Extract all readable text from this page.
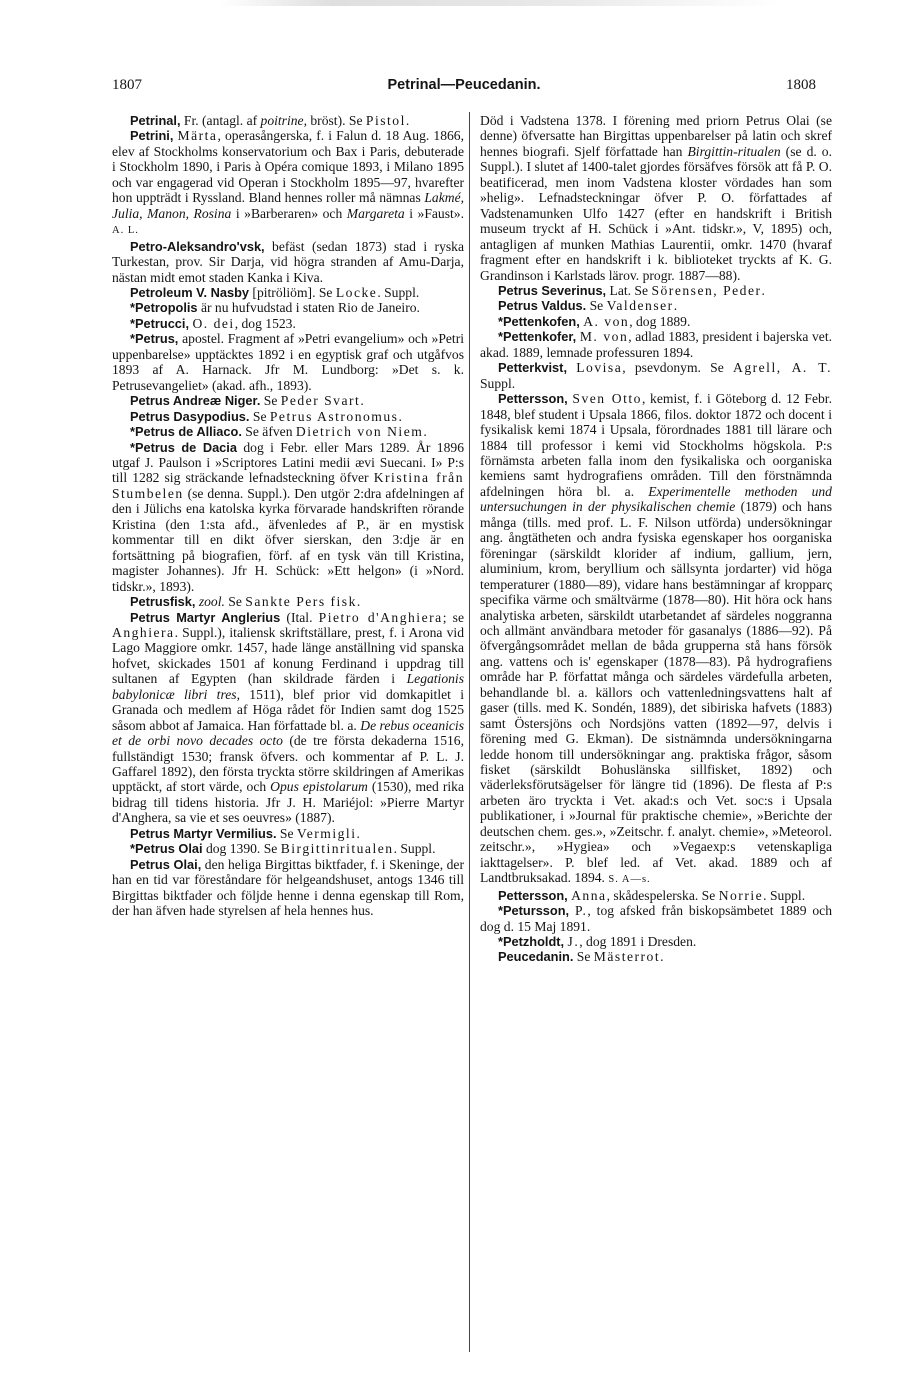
1807	Petrinal—Peucedanin.	1808

Petrinal, Fr. (antagl. af poitrine, bröst). Se Pistol.

Petrini, Märta, operasångerska, f. i Falun d. 18 Aug. 1866, elev af Stockholms konservatorium och Bax i Paris, debuterade i Stockholm 1890, i Paris à Opéra comique 1893, i Milano 1895 och var engagerad vid Operan i Stockholm 1895—97, hvarefter hon uppträdt i Ryssland. Bland hennes roller må nämnas Lakmé, Julia, Manon, Rosina i »Barberaren» och Margareta i »Faust». A. L.

Petro-Aleksandro'vsk, befäst (sedan 1873) stad i ryska Turkestan, prov. Sir Darja, vid högra stranden af Amu-Darja, nästan midt emot staden Kanka i Kiva.

Petroleum V. Nasby [pitröliöm]. Se Locke. Suppl.

*Petropolis är nu hufvudstad i staten Rio de Janeiro.

*Petrucci, O. dei, dog 1523.

*Petrus, apostel. Fragment af »Petri evangelium» och »Petri uppenbarelse» upptäcktes 1892 i en egyptisk graf och utgåfvos 1893 af A. Harnack. Jfr M. Lundborg: »Det s. k. Petrusevangeliet» (akad. afh., 1893).

Petrus Andreæ Niger. Se Peder Svart.

Petrus Dasypodius. Se Petrus Astronomus.

*Petrus de Alliaco. Se äfven Dietrich von Niem.

*Petrus de Dacia dog i Febr. eller Mars 1289. År 1896 utgaf J. Paulson i »Scriptores Latini medii ævi Suecani. I» P:s till 1282 sig sträckande lefnadsteckning öfver Kristina från Stumbelen (se denna. Suppl.). Den utgör 2:dra afdelningen af den i Jülichs ena katolska kyrka förvarade handskriften rörande Kristina (den 1:sta afd., äfvenledes af P., är en mystisk kommentar till en dikt öfver sierskan, den 3:dje är en fortsättning på biografien, förf. af en tysk vän till Kristina, magister Johannes). Jfr H. Schück: »Ett helgon» (i »Nord. tidskr.», 1893).

Petrusfisk, zool. Se Sankte Pers fisk.

Petrus Martyr Anglerius (Ital. Pietro d'Anghiera; se Anghiera. Suppl.), italiensk skriftställare, prest, f. i Arona vid Lago Maggiore omkr. 1457, hade länge anställning vid spanska hofvet, skickades 1501 af konung Ferdinand i uppdrag till sultanen af Egypten (han skildrade färden i Legationis babylonicæ libri tres, 1511), blef prior vid domkapitlet i Granada och medlem af Höga rådet för Indien samt dog 1525 såsom abbot af Jamaica. Han författade bl. a. De rebus oceanicis et de orbi novo decades octo (de tre första dekaderna 1516, fullständigt 1530; fransk öfvers. och kommentar af P. L. J. Gaffarel 1892), den första tryckta större skildringen af Amerikas upptäckt, af stort värde, och Opus epistolarum (1530), med rika bidrag till tidens historia. Jfr J. H. Mariéjol: »Pierre Martyr d'Anghera, sa vie et ses oeuvres» (1887).

Petrus Martyr Vermilius. Se Vermigli.

*Petrus Olai dog 1390. Se Birgittinritualen. Suppl.

Petrus Olai, den heliga Birgittas biktfader, f. i Skeninge, der han en tid var föreståndare för helgeandshuset, antogs 1346 till Birgittas biktfader och följde henne i denna egenskap till Rom, der han äfven hade styrelsen af hela hennes hus.

Död i Vadstena 1378. I förening med priorn Petrus Olai (se denne) öfversatte han Birgittas uppenbarelser på latin och skref hennes biografi. Sjelf författade han Birgittin-ritualen (se d. o. Suppl.). I slutet af 1400-talet gjordes försäfves försök att få P. O. beatificerad, men inom Vadstena kloster vördades han som »helig». Lefnadsteckningar öfver P. O. författades af Vadstenamunken Ulfo 1427 (efter en handskrift i British museum tryckt af H. Schück i »Ant. tidskr.», V, 1895) och, antagligen af munken Mathias Laurentii, omkr. 1470 (hvaraf fragment efter en handskrift i k. biblioteket tryckts af K. G. Grandinson i Karlstads lärov. progr. 1887—88).

Petrus Severinus, Lat. Se Sörensen, Peder.

Petrus Valdus. Se Valdenser.

*Pettenkofen, A. von, dog 1889.

*Pettenkofer, M. von, adlad 1883, president i bajerska vet. akad. 1889, lemnade professuren 1894.

Petterkvist, Lovisa, psevdonym. Se Agrell, A. T. Suppl.

Pettersson, Sven Otto, kemist, f. i Göteborg d. 12 Febr. 1848, blef student i Upsala 1866, filos. doktor 1872 och docent i fysikalisk kemi 1874 i Upsala, förordnades 1881 till lärare och 1884 till professor i kemi vid Stockholms högskola. P:s förnämsta arbeten falla inom den fysikaliska och oorganiska kemiens samt hydrografiens områden. Till den förstnämnda afdelningen höra bl. a. Experimentelle methoden und untersuchungen in der physikalischen chemie (1879) och hans många (tills. med prof. L. F. Nilson utförda) undersökningar ang. ångtätheten och andra fysiska egenskaper hos oorganiska föreningar (särskildt klorider af indium, gallium, jern, aluminium, krom, beryllium och sällsynta jordarter) vid höga temperaturer (1880—89), vidare hans bestämningar af kropparς specifika värme och smältvärme (1878—80). Hit höra ock hans analytiska arbeten, särskildt utarbetandet af särdeles noggranna och allmänt användbara metoder för gasanalys (1886—92). På öfvergångsområdet mellan de båda grupperna stå hans försök ang. vattens och is' egenskaper (1878—83). På hydrografiens område har P. författat många och särdeles värdefulla arbeten, behandlande bl. a. källors och vattenledningsvattens halt af gaser (tills. med K. Sondén, 1889), det sibiriska hafvets (1883) samt Östersjöns och Nordsjöns vatten (1892—97, delvis i förening med G. Ekman). De sistnämnda undersökningarna ledde honom till undersökningar ang. praktiska frågor, såsom fisket (särskildt Bohuslänska sillfisket, 1892) och väderleksförutsägelser för längre tid (1896). De flesta af P:s arbeten äro tryckta i Vet. akad:s och Vet. soc:s i Upsala publikationer, i »Journal für praktische chemie», »Berichte der deutschen chem. ges.», »Zeitschr. f. analyt. chemie», »Meteorol. zeitschr.», »Hygiea» och »Vegaexp:s vetenskapliga iakttagelser». P. blef led. af Vet. akad. 1889 och af Landtbruksakad. 1894. S. A—s.

Pettersson, Anna, skådespelerska. Se Norrie. Suppl.

*Petursson, P., tog afsked från biskopsämbetet 1889 och dog d. 15 Maj 1891.

*Petzholdt, J., dog 1891 i Dresden.

Peucedanin. Se Mästerrot.
